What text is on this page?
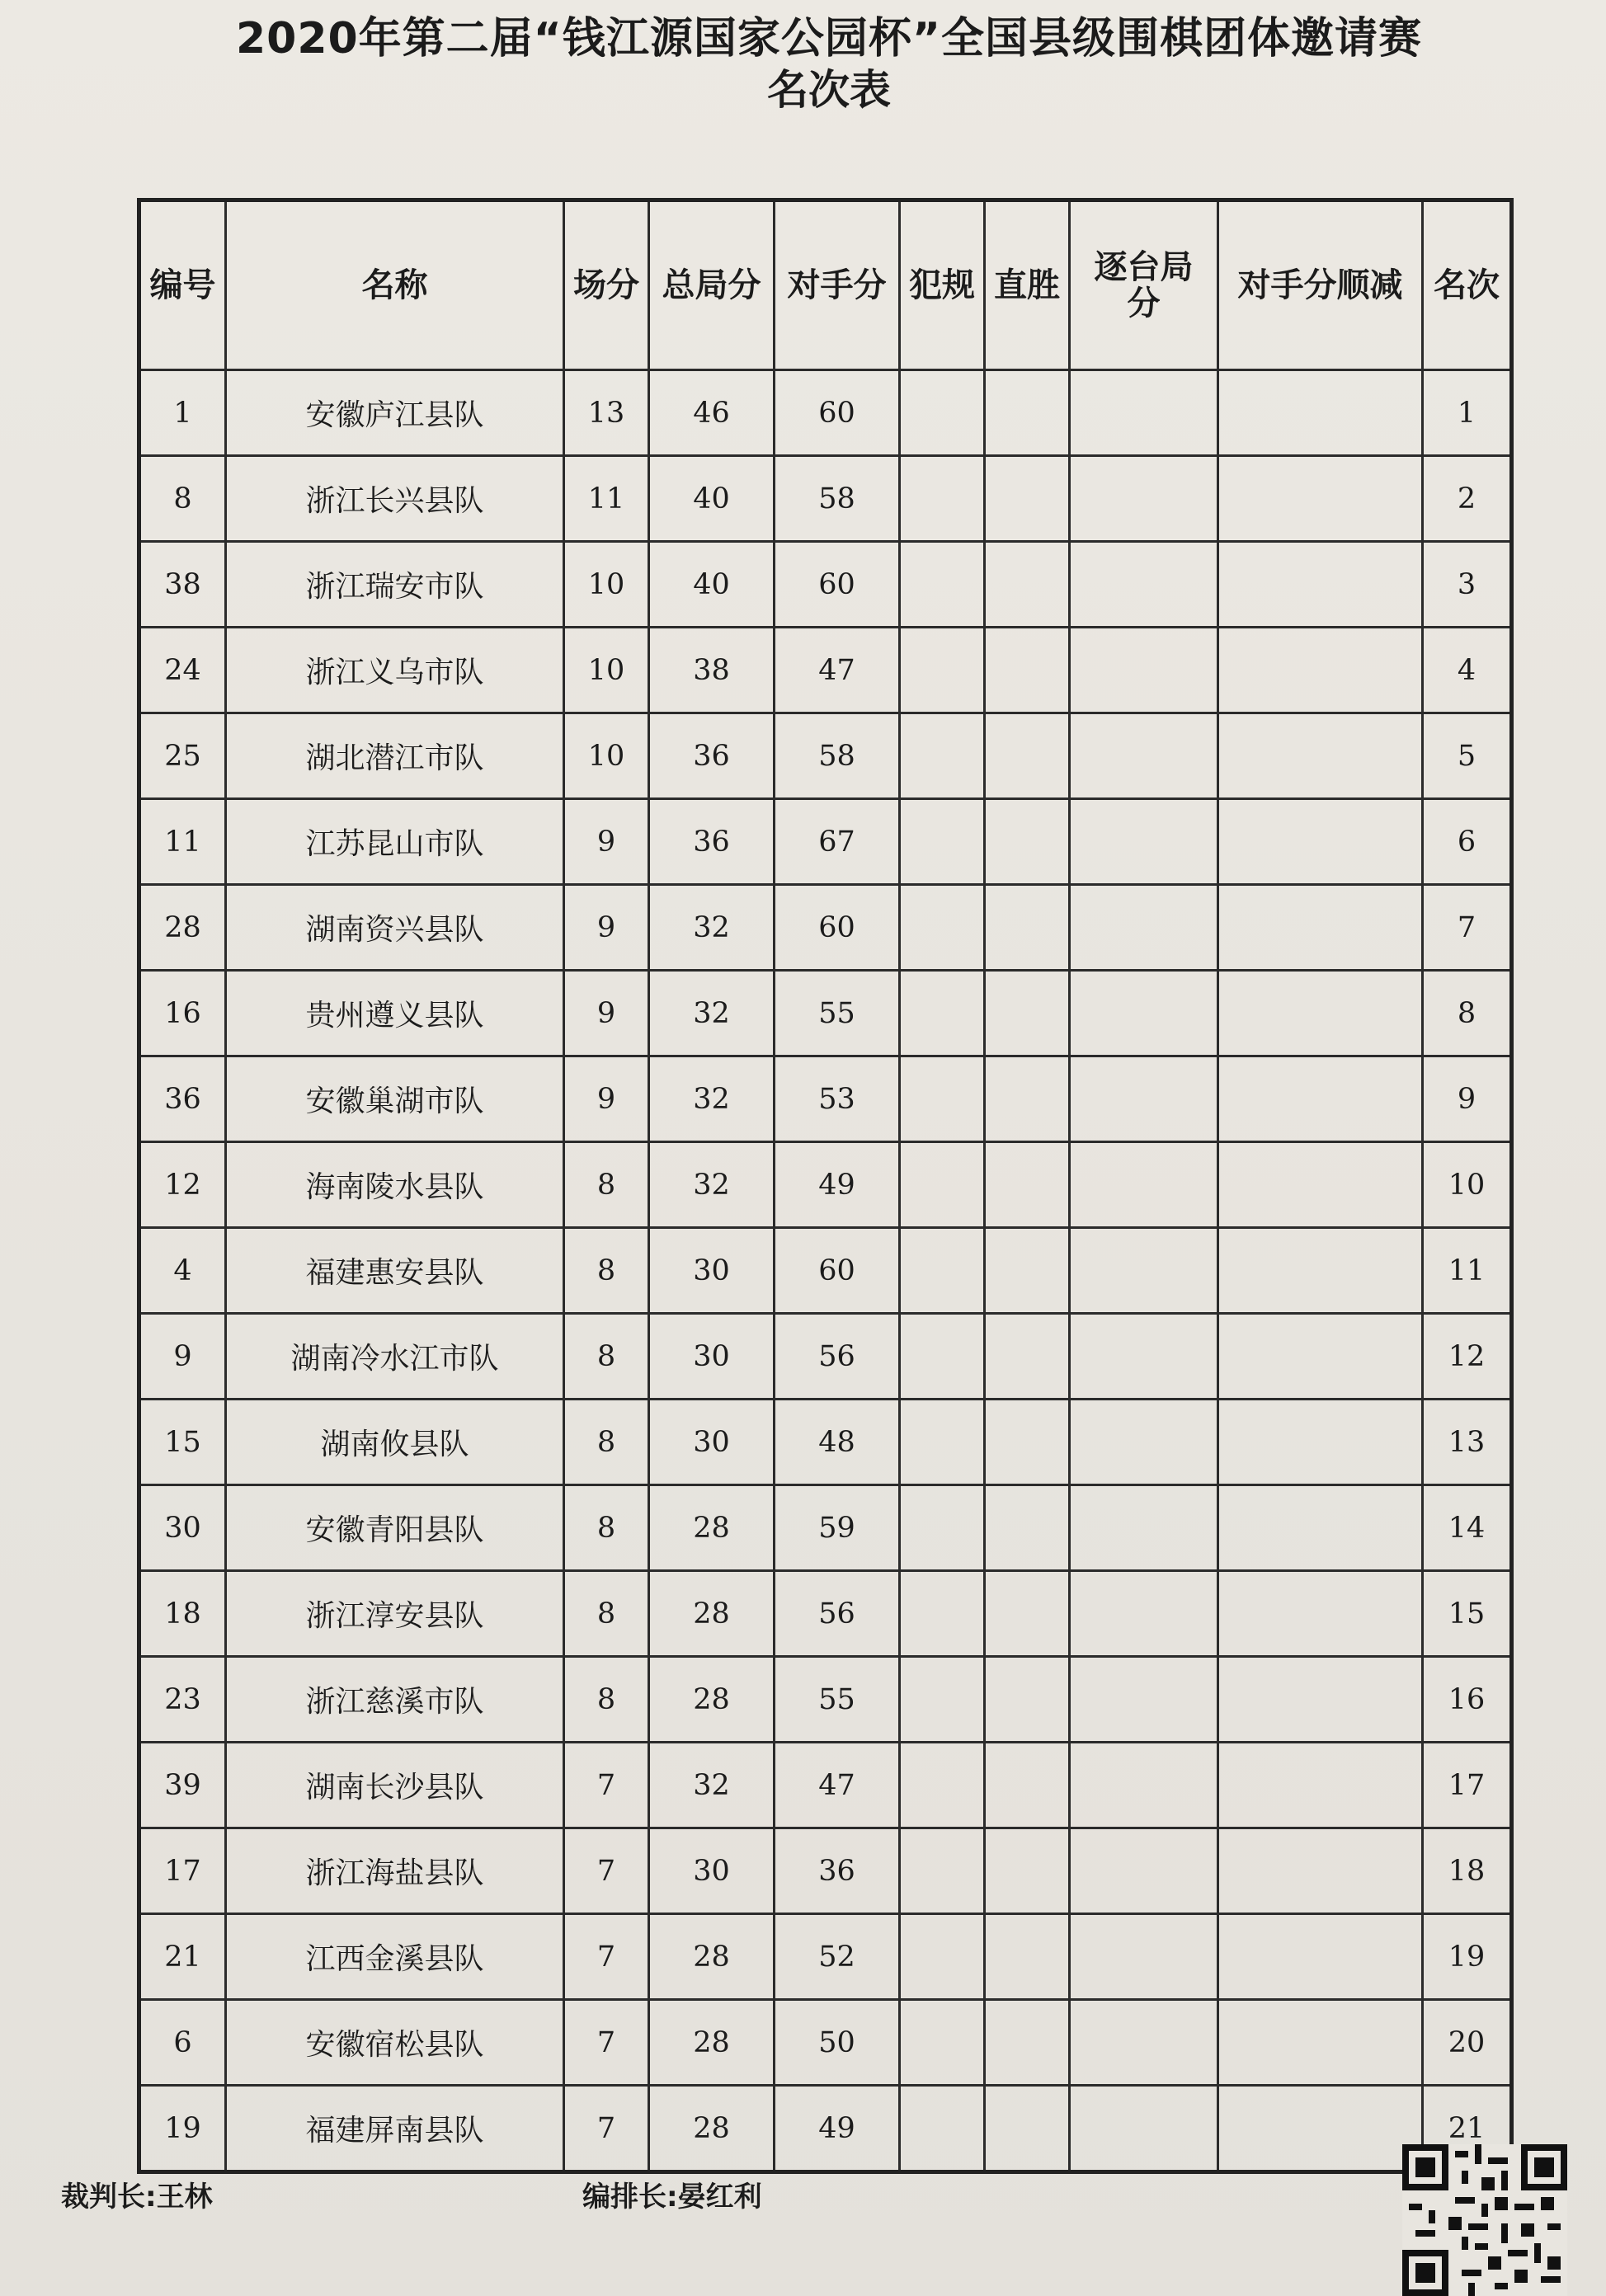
2020年第二届“钱江源国家公园杯”全国县级围棋团体邀请赛
名次表
编号	名称	场分	总局分	对手分	犯规	直胜	逐台局分	对手分顺减	名次
1	安徽庐江县队	13	46	60					1
8	浙江长兴县队	11	40	58					2
38	浙江瑞安市队	10	40	60					3
24	浙江义乌市队	10	38	47					4
25	湖北潜江市队	10	36	58					5
11	江苏昆山市队	9	36	67					6
28	湖南资兴县队	9	32	60					7
16	贵州遵义县队	9	32	55					8
36	安徽巢湖市队	9	32	53					9
12	海南陵水县队	8	32	49					10
4	福建惠安县队	8	30	60					11
9	湖南冷水江市队	8	30	56					12
15	湖南攸县队	8	30	48					13
30	安徽青阳县队	8	28	59					14
18	浙江淳安县队	8	28	56					15
23	浙江慈溪市队	8	28	55					16
39	湖南长沙县队	7	32	47					17
17	浙江海盐县队	7	30	36					18
21	江西金溪县队	7	28	52					19
6	安徽宿松县队	7	28	50					20
19	福建屏南县队	7	28	49					21
裁判长:王林	编排长:晏红利
